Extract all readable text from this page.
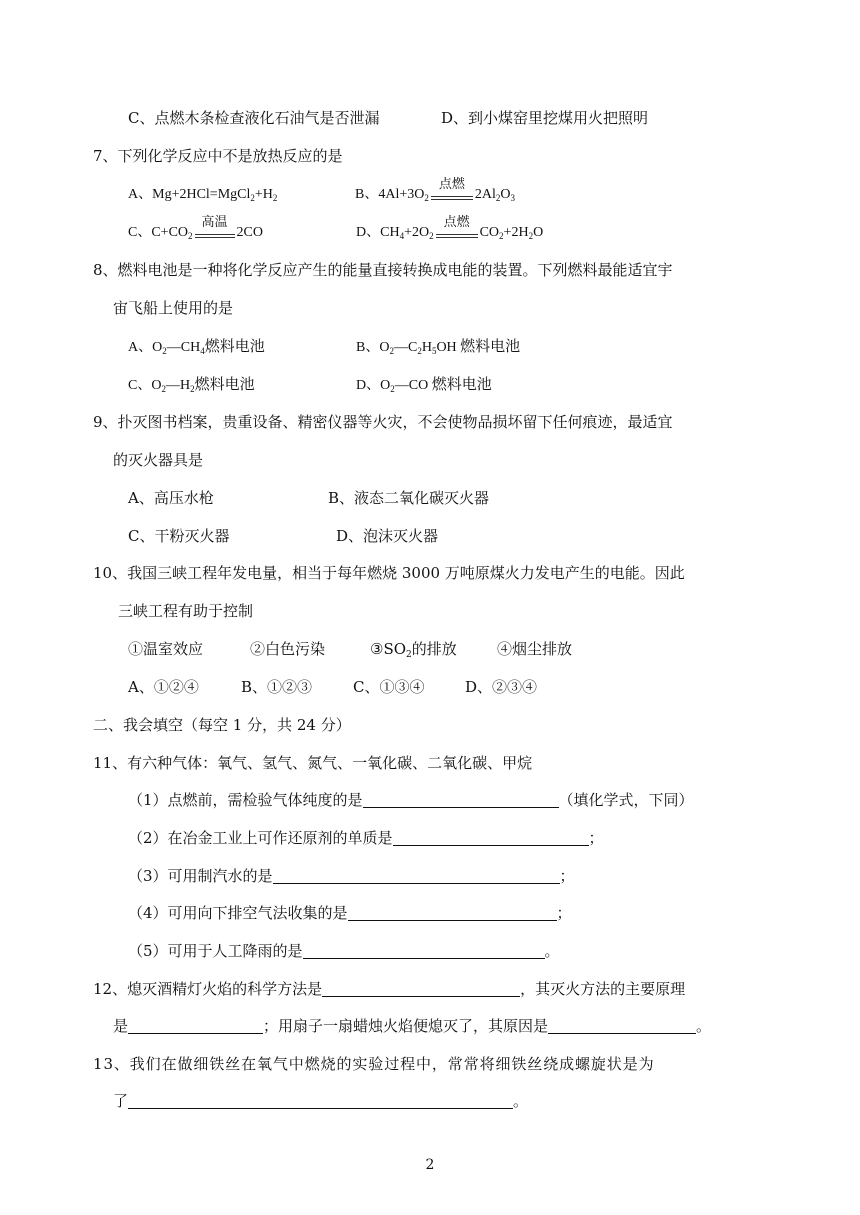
C、点燃木条检查液化石油气是否泄漏	D、到小煤窑里挖煤用火把照明
7、下列化学反应中不是放热反应的是
A、$Mg+2HCl=MgCl_2+H_2$	B、$4Al+3O_2$
点燃
$2Al_2O_3$
C、$C+CO_2$
高温
2CO	D、$CH_4+2O_2$
点燃
$CO_2+2H_2O$
8、燃料电池是一种将化学反应产生的能量直接转换成电能的装置。下列燃料最能适宜宇
宙飞船上使用的是
A、$O_2—CH_4$燃料电池	B、$O_2—C_2H_5OH$ 燃料电池
C、$O_2—H_2$燃料电池	D、$O_2—CO$ 燃料电池
9、扑灭图书档案，贵重设备、精密仪器等火灾，不会使物品损坏留下任何痕迹，最适宜
的灭火器具是
A、高压水枪	B、液态二氧化碳灭火器
C、干粉灭火器	D、泡沫灭火器
10、我国三峡工程年发电量，相当于每年燃烧 3000 万吨原煤火力发电产生的电能。因此
三峡工程有助于控制
①温室效应	②白色污染	$③SO_2$的排放	④烟尘排放
A、①②④	B、①②③	C、①③④	D、②③④
二、我会填空（每空 1 分，共 24 分）
11、有六种气体：氧气、氢气、氮气、一氧化碳、二氧化碳、甲烷
（1）点燃前，需检验气体纯度的是	（填化学式，下同）
（2）在冶金工业上可作还原剂的单质是	；
（3）可用制汽水的是	；
（4）可用向下排空气法收集的是	；
（5）可用于人工降雨的是	。
12、熄灭酒精灯火焰的科学方法是	，其灭火方法的主要原理
是	；用扇子一扇蜡烛火焰便熄灭了，其原因是	。
13、我们在做细铁丝在氧气中燃烧的实验过程中，常常将细铁丝绕成螺旋状是为
了	。
2
